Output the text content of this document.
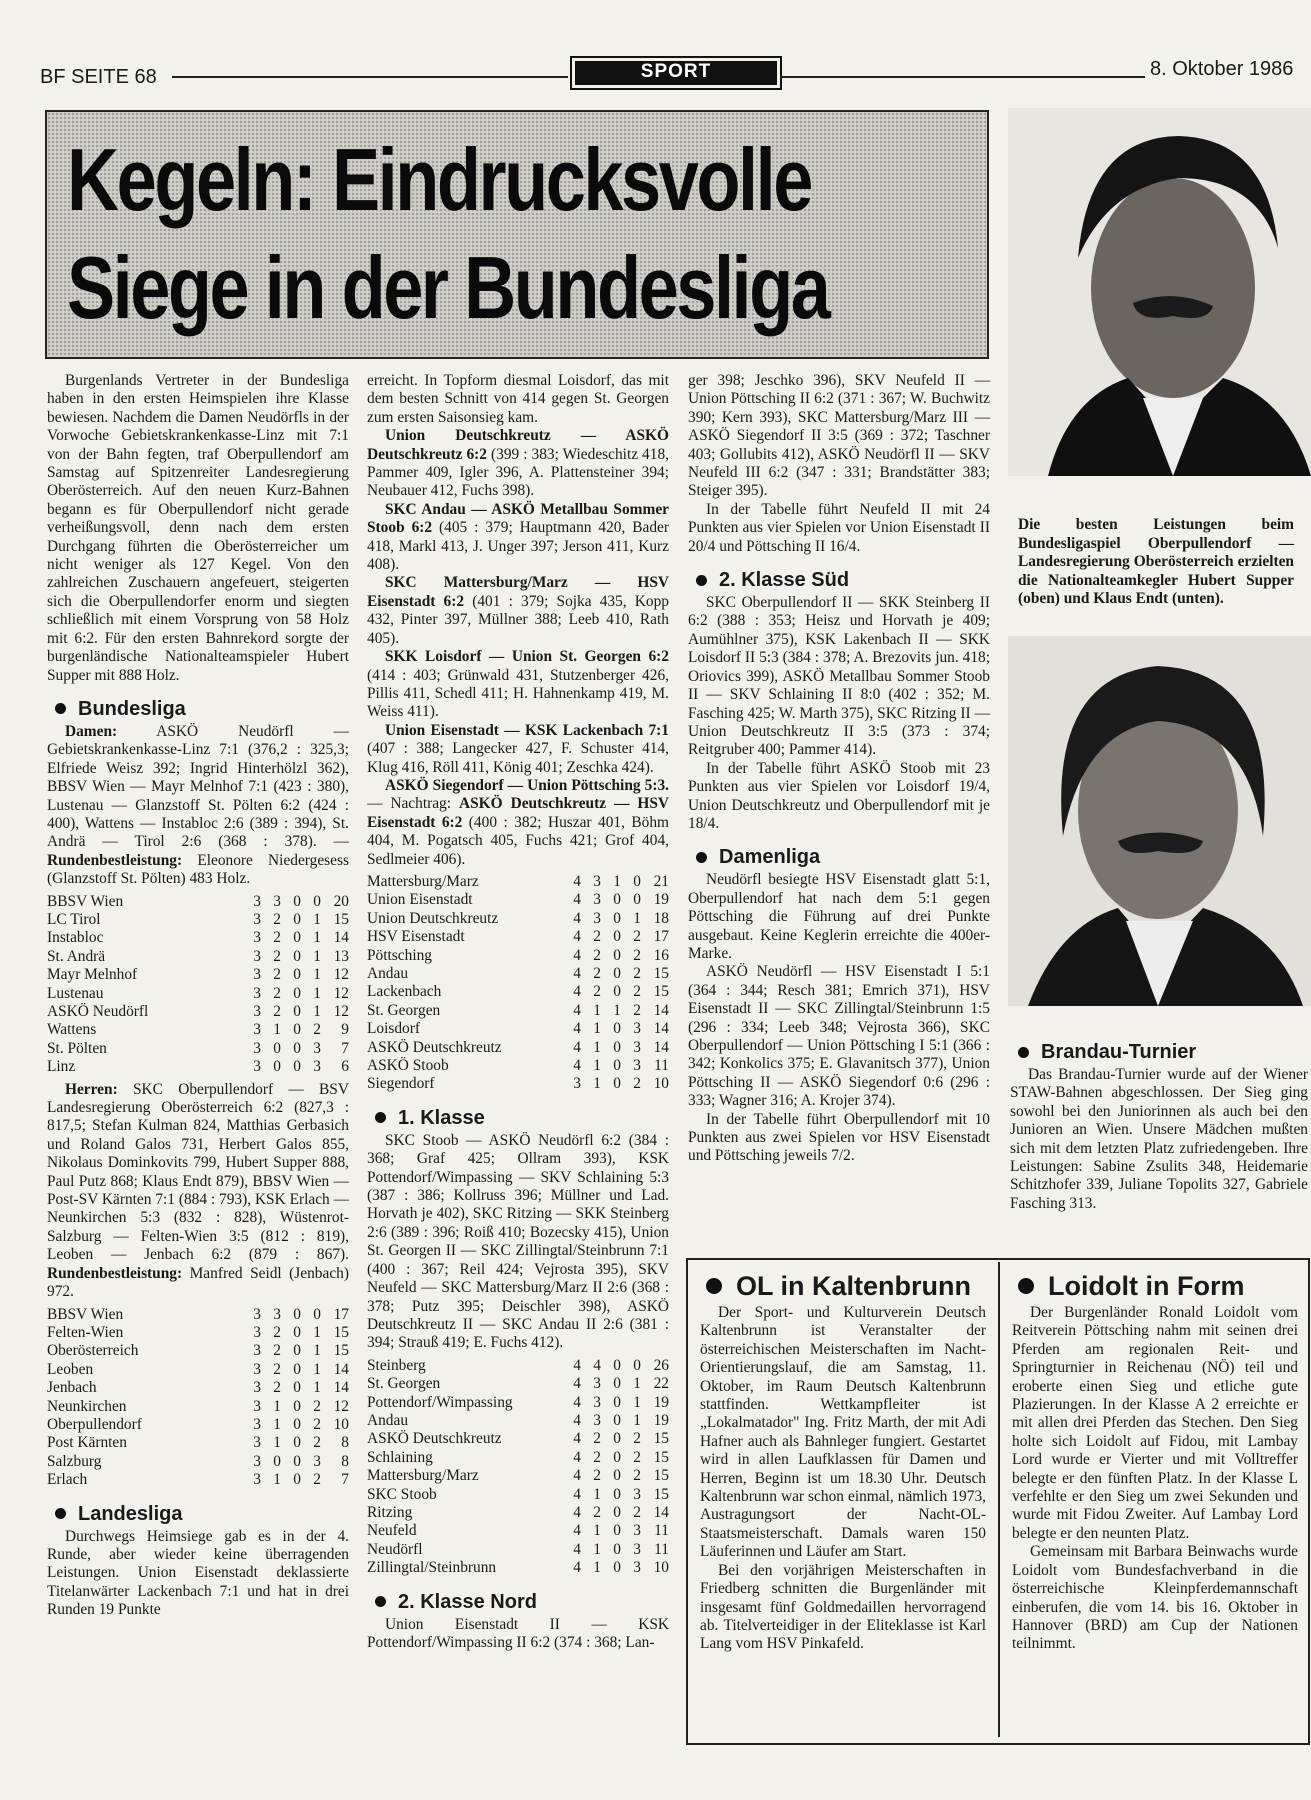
BF SEITE 68	SPORT	8. Oktober 1986
Kegeln: Eindrucksvolle
Siege in der Bundesliga
Die besten Leistungen beim Bundesligaspiel Oberpullendorf — Landesregierung Oberösterreich erzielten die Nationalteamkegler Hubert Supper (oben) und Klaus Endt (unten).

Burgenlands Vertreter in der Bundesliga haben in den ersten Heimspielen ihre Klasse bewiesen. Nachdem die Damen Neudörfls in der Vorwoche Gebietskrankenkasse-Linz mit 7:1 von der Bahn fegten, traf Oberpullendorf am Samstag auf Spitzenreiter Landesregierung Oberösterreich. Auf den neuen Kurz-Bahnen begann es für Oberpullendorf nicht gerade verheißungsvoll, denn nach dem ersten Durchgang führten die Oberösterreicher um nicht weniger als 127 Kegel. Von den zahlreichen Zuschauern angefeuert, steigerten sich die Oberpullendorfer enorm und siegten schließlich mit einem Vorsprung von 58 Holz mit 6:2. Für den ersten Bahnrekord sorgte der burgenländische Nationalteamspieler Hubert Supper mit 888 Holz.

Bundesliga

Damen:	ASKÖ Neudörfl — Gebietskrankenkasse-Linz 7:1 (376,2 : 325,3; Elfriede Weisz 392; Ingrid Hinterhölzl 362), BBSV Wien — Mayr Melnhof 7:1 (423 : 380), Lustenau — Glanzstoff St. Pölten 6:2 (424 : 400), Wattens — Instabloc 2:6 (389 : 394), St. Andrä — Tirol 2:6 (368 : 378). — Rundenbestleistung: Eleonore Niedergesess (Glanzstoff St. Pölten) 483 Holz.

BBSV Wien	3	3	0	0	20
LC Tirol	3	2	0	1	15
Instabloc	3	2	0	1	14
St. Andrä	3	2	0	1	13
Mayr Melnhof	3	2	0	1	12
Lustenau	3	2	0	1	12
ASKÖ Neudörfl	3	2	0	1	12
Wattens	3	1	0	2	9
St. Pölten	3	0	0	3	7
Linz	3	0	0	3	6

Herren: SKC Oberpullendorf — BSV Landesregierung Oberösterreich 6:2 (827,3 : 817,5; Stefan Kulman 824, Matthias Gerbasich und Roland Galos 731, Herbert Galos 855, Nikolaus Dominkovits 799, Hubert Supper 888, Paul Putz 868; Klaus Endt 879), BBSV Wien — Post-SV Kärnten 7:1 (884 : 793), KSK Erlach — Neunkirchen 5:3 (832 : 828), Wüstenrot-Salzburg — Felten-Wien 3:5 (812 : 819), Leoben — Jenbach 6:2 (879 : 867). Rundenbestleistung: Manfred Seidl (Jenbach) 972.

BBSV Wien	3	3	0	0	17
Felten-Wien	3	2	0	1	15
Oberösterreich	3	2	0	1	15
Leoben	3	2	0	1	14
Jenbach	3	2	0	1	14
Neunkirchen	3	1	0	2	12
Oberpullendorf	3	1	0	2	10
Post Kärnten	3	1	0	2	8
Salzburg	3	0	0	3	8
Erlach	3	1	0	2	7
Landesliga

Durchwegs Heimsiege gab es in der 4. Runde, aber wieder keine überragenden Leistungen. Union Eisenstadt deklassierte Titelanwärter Lackenbach 7:1 und hat in drei Runden 19 Punkte

erreicht. In Topform diesmal Loisdorf, das mit dem besten Schnitt von 414 gegen St. Georgen zum ersten Saisonsieg kam.

Union Deutschkreutz — ASKÖ Deutschkreutz 6:2 (399 : 383; Wiedeschitz 418, Pammer 409, Igler 396, A. Plattensteiner 394; Neubauer 412, Fuchs 398).

SKC Andau — ASKÖ Metallbau Sommer Stoob 6:2 (405 : 379; Hauptmann 420, Bader 418, Markl 413, J. Unger 397; Jerson 411, Kurz 408).

SKC Mattersburg/Marz — HSV Eisenstadt 6:2 (401 : 379; Sojka 435, Kopp 432, Pinter 397, Müllner 388; Leeb 410, Rath 405).

SKK Loisdorf — Union St. Georgen 6:2 (414 : 403; Grünwald 431, Stutzenberger 426, Pillis 411, Schedl 411; H. Hahnenkamp 419, M. Weiss 411).

Union Eisenstadt — KSK Lackenbach 7:1 (407 : 388; Langecker 427, F. Schuster 414, Klug 416, Röll 411, König 401; Zeschka 424).

ASKÖ Siegendorf — Union Pöttsching 5:3. — Nachtrag: ASKÖ Deutschkreutz — HSV Eisenstadt 6:2 (400 : 382; Huszar 401, Böhm 404, M. Pogatsch 405, Fuchs 421; Grof 404, Sedlmeier 406).

Mattersburg/Marz	4	3	1	0	21
Union Eisenstadt	4	3	0	0	19
Union Deutschkreutz	4	3	0	1	18
HSV Eisenstadt	4	2	0	2	17
Pöttsching	4	2	0	2	16
Andau	4	2	0	2	15
Lackenbach	4	2	0	2	15
St. Georgen	4	1	1	2	14
Loisdorf	4	1	0	3	14
ASKÖ Deutschkreutz	4	1	0	3	14
ASKÖ Stoob	4	1	0	3	11
Siegendorf	3	1	0	2	10
1. Klasse

SKC Stoob — ASKÖ Neudörfl 6:2 (384 : 368; Graf 425; Ollram 393), KSK Pottendorf/Wimpassing — SKV Schlaining 5:3 (387 : 386; Kollruss 396; Müllner und Lad. Horvath je 402), SKC Ritzing — SKK Steinberg 2:6 (389 : 396; Roiß 410; Bozecsky 415), Union St. Georgen II — SKC Zillingtal/Steinbrunn 7:1 (400 : 367; Reil 424; Vejrosta 395), SKV Neufeld — SKC Mattersburg/Marz II 2:6 (368 : 378; Putz 395; Deischler 398), ASKÖ Deutschkreutz II — SKC Andau II 2:6 (381 : 394; Strauß 419; E. Fuchs 412).

Steinberg	4	4	0	0	26
St. Georgen	4	3	0	1	22
Pottendorf/Wimpassing	4	3	0	1	19
Andau	4	3	0	1	19
ASKÖ Deutschkreutz	4	2	0	2	15
Schlaining	4	2	0	2	15
Mattersburg/Marz	4	2	0	2	15
SKC Stoob	4	1	0	3	15
Ritzing	4	2	0	2	14
Neufeld	4	1	0	3	11
Neudörfl	4	1	0	3	11
Zillingtal/Steinbrunn	4	1	0	3	10
2. Klasse Nord

Union Eisenstadt II — KSK Pottendorf/Wimpassing II 6:2 (374 : 368; Lan-

ger 398; Jeschko 396), SKV Neufeld II — Union Pöttsching II 6:2 (371 : 367; W. Buchwitz 390; Kern 393), SKC Mattersburg/Marz III — ASKÖ Siegendorf II 3:5 (369 : 372; Taschner 403; Gollubits 412), ASKÖ Neudörfl II — SKV Neufeld III 6:2 (347 : 331; Brandstätter 383; Steiger 395).

In der Tabelle führt Neufeld II mit 24 Punkten aus vier Spielen vor Union Eisenstadt II 20/4 und Pöttsching II 16/4.

2. Klasse Süd

SKC Oberpullendorf II — SKK Steinberg II 6:2 (388 : 353; Heisz und Horvath je 409; Aumühlner 375), KSK Lakenbach II — SKK Loisdorf II 5:3 (384 : 378; A. Brezovits jun. 418; Oriovics 399), ASKÖ Metallbau Sommer Stoob II — SKV Schlaining II 8:0 (402 : 352; M. Fasching 425; W. Marth 375), SKC Ritzing II — Union Deutschkreutz II 3:5 (373 : 374; Reitgruber 400; Pammer 414).

In der Tabelle führt ASKÖ Stoob mit 23 Punkten aus vier Spielen vor Loisdorf 19/4, Union Deutschkreutz und Oberpullendorf mit je 18/4.

Damenliga

Neudörfl besiegte HSV Eisenstadt glatt 5:1, Oberpullendorf hat nach dem 5:1 gegen Pöttsching die Führung auf drei Punkte ausgebaut. Keine Keglerin erreichte die 400er-Marke.

ASKÖ Neudörfl — HSV Eisenstadt I 5:1 (364 : 344; Resch 381; Emrich 371), HSV Eisenstadt II — SKC Zillingtal/Steinbrunn 1:5 (296 : 334; Leeb 348; Vejrosta 366), SKC Oberpullendorf — Union Pöttsching I 5:1 (366 : 342; Konkolics 375; E. Glavanitsch 377), Union Pöttsching II — ASKÖ Siegendorf 0:6 (296 : 333; Wagner 316; A. Krojer 374).

In der Tabelle führt Oberpullendorf mit 10 Punkten aus zwei Spielen vor HSV Eisenstadt und Pöttsching jeweils 7/2.

Brandau-Turnier

Das Brandau-Turnier wurde auf der Wiener STAW-Bahnen abgeschlossen. Der Sieg ging sowohl bei den Juniorinnen als auch bei den Junioren an Wien. Unsere Mädchen mußten sich mit dem letzten Platz zufriedengeben. Ihre Leistungen: Sabine Zsulits 348, Heidemarie Schitzhofer 339, Juliane Topolits 327, Gabriele Fasching 313.

OL in Kaltenbrunn

Der Sport- und Kulturverein Deutsch Kaltenbrunn ist Veranstalter der österreichischen Meisterschaften im Nacht-Orientierungslauf, die am Samstag, 11. Oktober, im Raum Deutsch Kaltenbrunn stattfinden. Wettkampfleiter ist „Lokalmatador" Ing. Fritz Marth, der mit Adi Hafner auch als Bahnleger fungiert. Gestartet wird in allen Laufklassen für Damen und Herren, Beginn ist um 18.30 Uhr. Deutsch Kaltenbrunn war schon einmal, nämlich 1973, Austragungsort der Nacht-OL-Staatsmeisterschaft. Damals waren 150 Läuferinnen und Läufer am Start.

Bei den vorjährigen Meisterschaften in Friedberg schnitten die Burgenländer mit insgesamt fünf Goldmedaillen hervorragend ab. Titelverteidiger in der Eliteklasse ist Karl Lang vom HSV Pinkafeld.

Loidolt in Form

Der Burgenländer Ronald Loidolt vom Reitverein Pöttsching nahm mit seinen drei Pferden am regionalen Reit- und Springturnier in Reichenau (NÖ) teil und eroberte einen Sieg und etliche gute Plazierungen. In der Klasse A 2 erreichte er mit allen drei Pferden das Stechen. Den Sieg holte sich Loidolt auf Fidou, mit Lambay Lord wurde er Vierter und mit Volltreffer belegte er den fünften Platz. In der Klasse L verfehlte er den Sieg um zwei Sekunden und wurde mit Fidou Zweiter. Auf Lambay Lord belegte er den neunten Platz.

Gemeinsam mit Barbara Beinwachs wurde Loidolt vom Bundesfachverband in die österreichische Kleinpferdemannschaft einberufen, die vom 14. bis 16. Oktober in Hannover (BRD) am Cup der Nationen teilnimmt.
